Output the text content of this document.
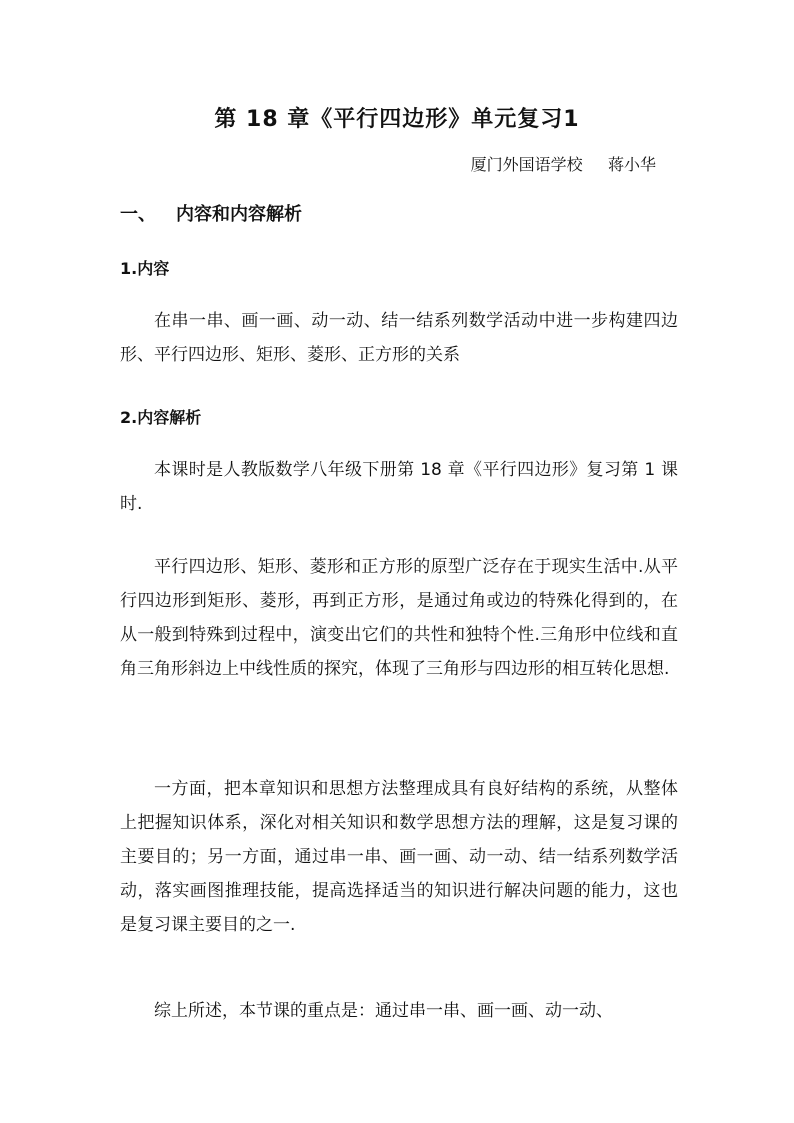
第 18 章《平行四边形》单元复习1
厦门外国语学校     蒋小华
一、 内容和内容解析
1.内容
在串一串、画一画、动一动、结一结系列数学活动中进一步构建四边形、平行四边形、矩形、菱形、正方形的关系
2.内容解析
本课时是人教版数学八年级下册第 18 章《平行四边形》复习第 1 课时.
平行四边形、矩形、菱形和正方形的原型广泛存在于现实生活中.从平行四边形到矩形、菱形，再到正方形，是通过角或边的特殊化得到的，在从一般到特殊到过程中，演变出它们的共性和独特个性.三角形中位线和直角三角形斜边上中线性质的探究，体现了三角形与四边形的相互转化思想.
一方面，把本章知识和思想方法整理成具有良好结构的系统，从整体上把握知识体系，深化对相关知识和数学思想方法的理解，这是复习课的主要目的；另一方面，通过串一串、画一画、动一动、结一结系列数学活动，落实画图推理技能，提高选择适当的知识进行解决问题的能力，这也是复习课主要目的之一.
综上所述，本节课的重点是：通过串一串、画一画、动一动、
